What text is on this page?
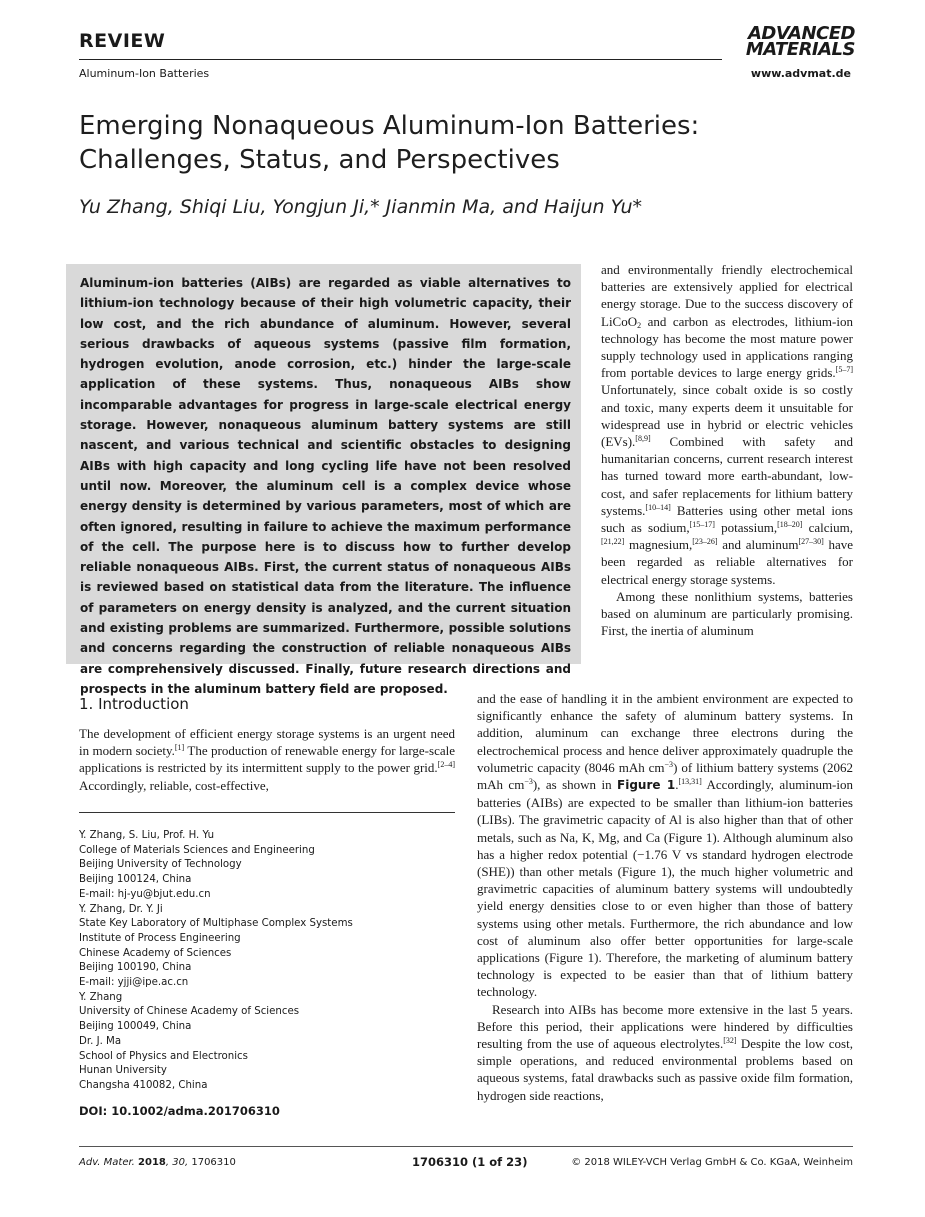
REVIEW	ADVANCED
MATERIALS
Aluminum-Ion Batteries	www.advmat.de
Emerging Nonaqueous Aluminum-Ion Batteries:
Challenges, Status, and Perspectives
Yu Zhang, Shiqi Liu, Yongjun Ji,* Jianmin Ma, and Haijun Yu*
Aluminum-ion batteries (AIBs) are regarded as viable alternatives to lithium-ion technology because of their high volumetric capacity, their low cost, and the rich abundance of aluminum. However, several serious drawbacks of aqueous systems (passive film formation, hydrogen evolution, anode corrosion, etc.) hinder the large-scale application of these systems. Thus, nonaqueous AIBs show incomparable advantages for progress in large-scale electrical energy storage. However, nonaqueous aluminum battery systems are still nascent, and various technical and scientific obstacles to designing AIBs with high capacity and long cycling life have not been resolved until now. Moreover, the aluminum cell is a complex device whose energy density is determined by various parameters, most of which are often ignored, resulting in failure to achieve the maximum performance of the cell. The purpose here is to discuss how to further develop reliable nonaqueous AIBs. First, the current status of nonaqueous AIBs is reviewed based on statistical data from the literature. The influence of parameters on energy density is analyzed, and the current situation and existing problems are summarized. Furthermore, possible solutions and concerns regarding the construction of reliable nonaqueous AIBs are comprehensively discussed. Finally, future research directions and prospects in the aluminum battery field are proposed.

and environmentally friendly electrochemical batteries are extensively applied for electrical energy storage. Due to the success discovery of LiCoO$_2$ and carbon as electrodes, lithium-ion technology has become the most mature power supply technology used in applications ranging from portable devices to large energy grids.[5–7] Unfortunately, since cobalt oxide is so costly and toxic, many experts deem it unsuitable for widespread use in hybrid or electric vehicles (EVs).[8,9] Combined with safety and humanitarian concerns, current research interest has turned toward more earth-abundant, low-cost, and safer replacements for lithium battery systems.[10–14] Batteries using other metal ions such as sodium,[15–17] potassium,[18–20] calcium,[21,22] magnesium,[23–26] and aluminum[27–30] have been regarded as reliable alternatives for electrical energy storage systems.

Among these nonlithium systems, batteries based on aluminum are particularly promising. First, the inertia of aluminum

and the ease of handling it in the ambient environment are expected to significantly enhance the safety of aluminum battery systems. In addition, aluminum can exchange three electrons during the electrochemical process and hence deliver approximately quadruple the volumetric capacity (8046 mAh $cm^{-3}$) of lithium battery systems (2062 mAh $cm^{-3}$), as shown in Figure 1.[13,31] Accordingly, aluminum-ion batteries (AIBs) are expected to be smaller than lithium-ion batteries (LIBs). The gravimetric capacity of Al is also higher than that of other metals, such as Na, K, Mg, and Ca (Figure 1). Although aluminum also has a higher redox potential (−1.76 V vs standard hydrogen electrode (SHE)) than other metals (Figure 1), the much higher volumetric and gravimetric capacities of aluminum battery systems will undoubtedly yield energy densities close to or even higher than those of battery systems using other metals. Furthermore, the rich abundance and low cost of aluminum also offer better opportunities for large-scale applications (Figure 1). Therefore, the marketing of aluminum battery technology is expected to be easier than that of lithium battery technology.

Research into AIBs has become more extensive in the last 5 years. Before this period, their applications were hindered by difficulties resulting from the use of aqueous electrolytes.[32] Despite the low cost, simple operations, and reduced environmental problems based on aqueous systems, fatal drawbacks such as passive oxide film formation, hydrogen side reactions,

1. Introduction
The development of efficient energy storage systems is an urgent need in modern society.[1] The production of renewable energy for large-scale applications is restricted by its intermittent supply to the power grid.[2–4] Accordingly, reliable, cost-effective,
Y. Zhang, S. Liu, Prof. H. Yu
College of Materials Sciences and Engineering
Beijing University of Technology
Beijing 100124, China
E-mail: hj-yu@bjut.edu.cn
Y. Zhang, Dr. Y. Ji
State Key Laboratory of Multiphase Complex Systems
Institute of Process Engineering
Chinese Academy of Sciences
Beijing 100190, China
E-mail: yjji@ipe.ac.cn
Y. Zhang
University of Chinese Academy of Sciences
Beijing 100049, China
Dr. J. Ma
School of Physics and Electronics
Hunan University
Changsha 410082, China
DOI: 10.1002/adma.201706310
Adv. Mater. 2018, 30, 1706310	1706310 (1 of 23)	© 2018 WILEY-VCH Verlag GmbH & Co. KGaA, Weinheim
